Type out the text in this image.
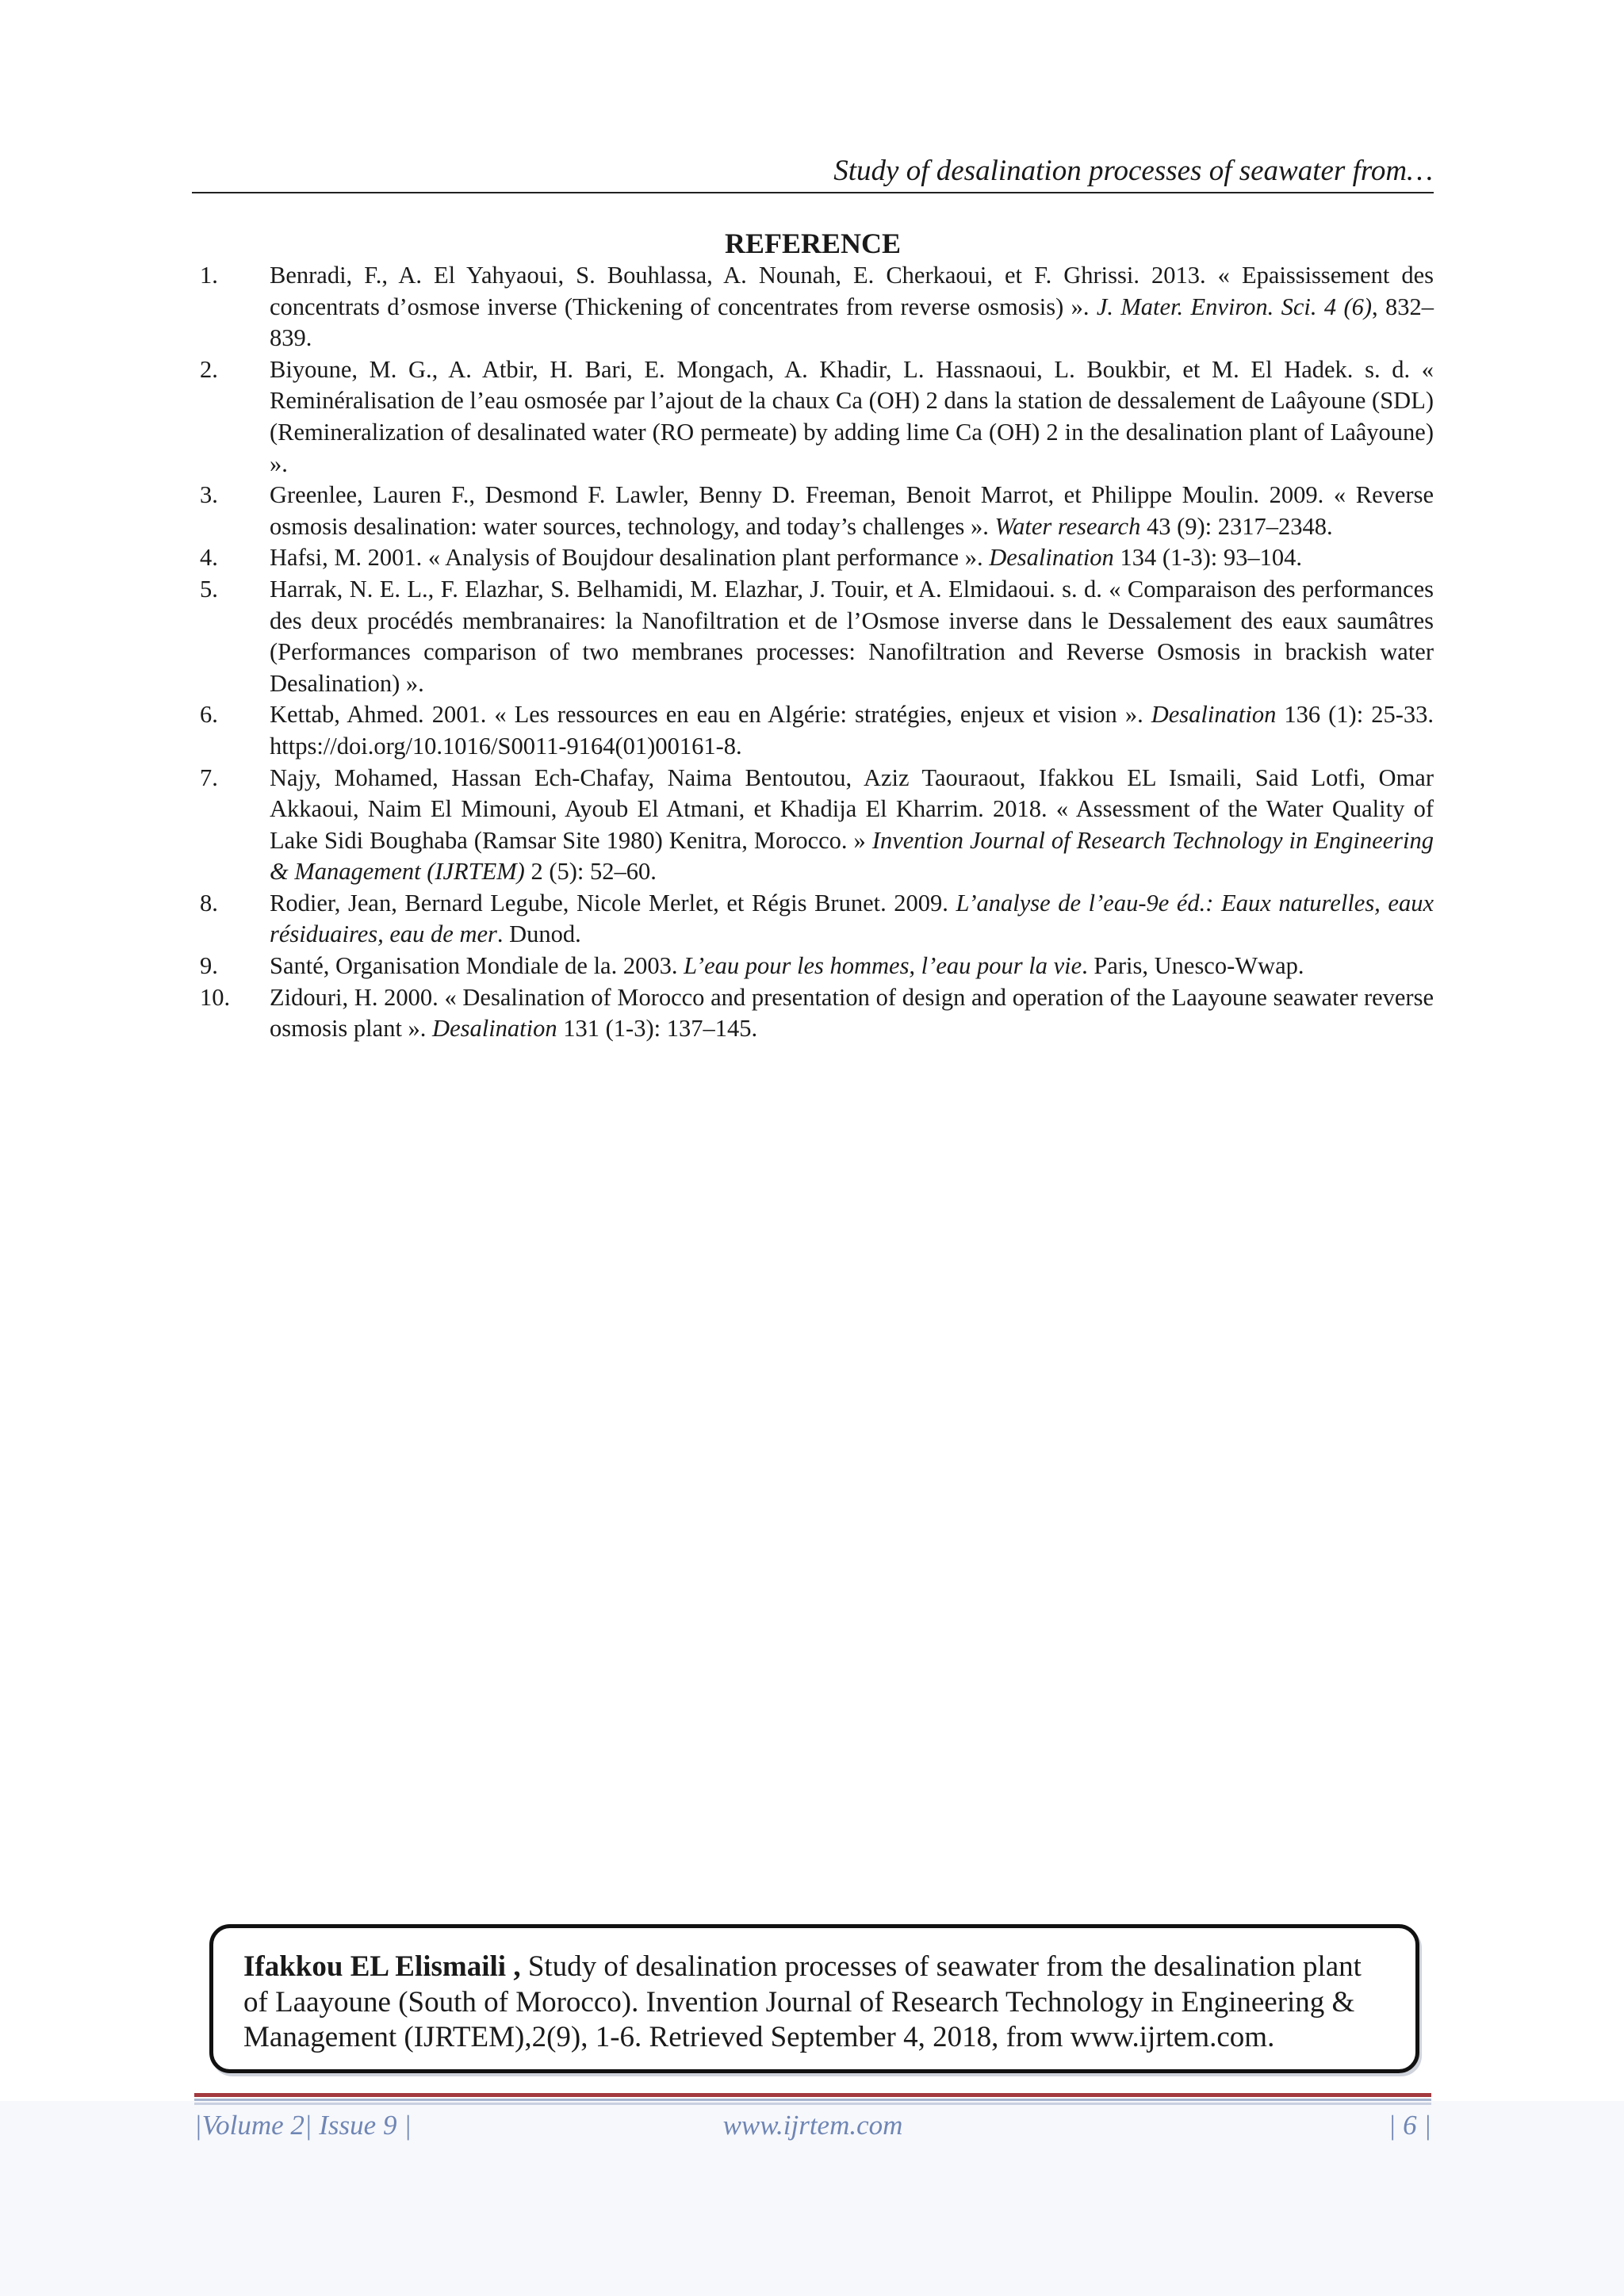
Study of desalination processes of seawater from…
REFERENCE
1. Benradi, F., A. El Yahyaoui, S. Bouhlassa, A. Nounah, E. Cherkaoui, et F. Ghrissi. 2013. « Epaississement des concentrats d’osmose inverse (Thickening of concentrates from reverse osmosis) ». J. Mater. Environ. Sci. 4 (6), 832–839.
2. Biyoune, M. G., A. Atbir, H. Bari, E. Mongach, A. Khadir, L. Hassnaoui, L. Boukbir, et M. El Hadek. s. d. « Reminéralisation de l’eau osmosée par l’ajout de la chaux Ca (OH) 2 dans la station de dessalement de Laâyoune (SDL)(Remineralization of desalinated water (RO permeate) by adding lime Ca (OH) 2 in the desalination plant of Laâyoune) ».
3. Greenlee, Lauren F., Desmond F. Lawler, Benny D. Freeman, Benoit Marrot, et Philippe Moulin. 2009. « Reverse osmosis desalination: water sources, technology, and today’s challenges ». Water research 43 (9): 2317–2348.
4. Hafsi, M. 2001. « Analysis of Boujdour desalination plant performance ». Desalination 134 (1-3): 93–104.
5. Harrak, N. E. L., F. Elazhar, S. Belhamidi, M. Elazhar, J. Touir, et A. Elmidaoui. s. d. « Comparaison des performances des deux procédés membranaires: la Nanofiltration et de l’Osmose inverse dans le Dessalement des eaux saumâtres (Performances comparison of two membranes processes: Nanofiltration and Reverse Osmosis in brackish water Desalination) ».
6. Kettab, Ahmed. 2001. « Les ressources en eau en Algérie: stratégies, enjeux et vision ». Desalination 136 (1): 25-33. https://doi.org/10.1016/S0011-9164(01)00161-8.
7. Najy, Mohamed, Hassan Ech-Chafay, Naima Bentoutou, Aziz Taouraout, Ifakkou EL Ismaili, Said Lotfi, Omar Akkaoui, Naim El Mimouni, Ayoub El Atmani, et Khadija El Kharrim. 2018. « Assessment of the Water Quality of Lake Sidi Boughaba (Ramsar Site 1980) Kenitra, Morocco. » Invention Journal of Research Technology in Engineering & Management (IJRTEM) 2 (5): 52–60.
8. Rodier, Jean, Bernard Legube, Nicole Merlet, et Régis Brunet. 2009. L’analyse de l’eau-9e éd.: Eaux naturelles, eaux résiduaires, eau de mer. Dunod.
9. Santé, Organisation Mondiale de la. 2003. L’eau pour les hommes, l’eau pour la vie. Paris, Unesco-Wwap.
10. Zidouri, H. 2000. « Desalination of Morocco and presentation of design and operation of the Laayoune seawater reverse osmosis plant ». Desalination 131 (1-3): 137–145.
Ifakkou EL Elismaili , Study of desalination processes of seawater from the desalination plant of Laayoune (South of Morocco). Invention Journal of Research Technology in Engineering & Management (IJRTEM),2(9), 1-6. Retrieved September 4, 2018, from www.ijrtem.com.
|Volume 2| Issue 9 |	www.ijrtem.com	| 6 |
